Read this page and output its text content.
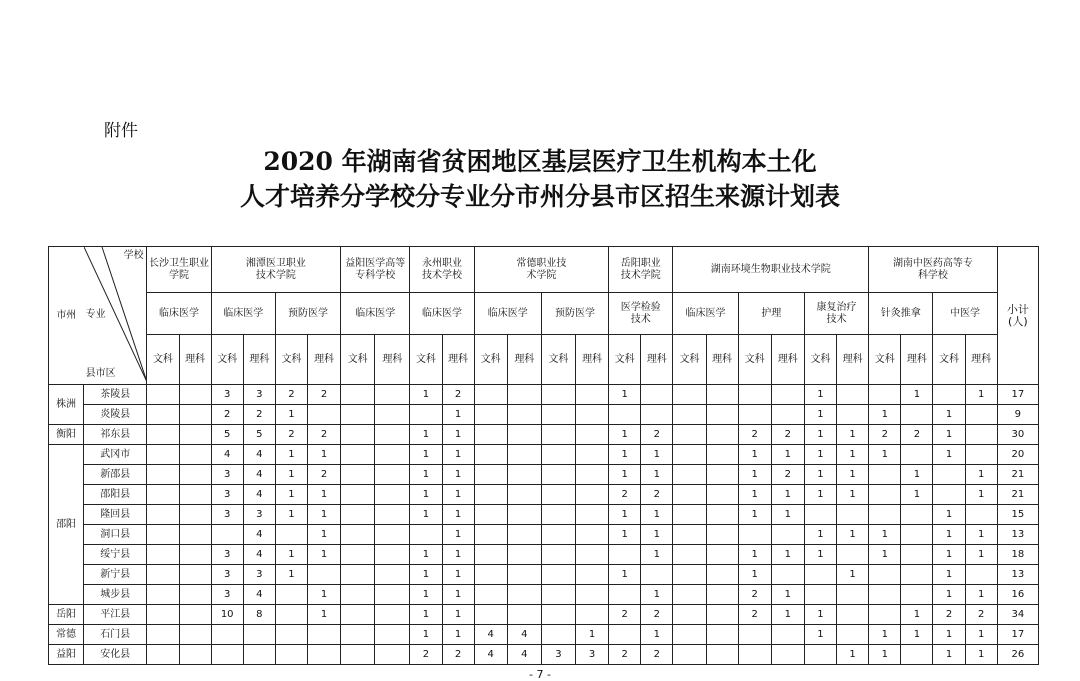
附件
2020 年湖南省贫困地区基层医疗卫生机构本土化
人才培养分学校分专业分市州分县市区招生来源计划表
市州	学校
专业
县市区	长沙卫生职业学院		湘潭医卫职业技术学院				益阳医学高等专科学校		永州职业技术学校		常德职业技术学院				岳阳职业技术学院		湖南环境生物职业技术学院						湖南中医药高等专科学校				小计(人)
		临床医学		临床医学		预防医学		临床医学		临床医学		临床医学		预防医学		医学检验技术		临床医学		护理		康复治疗技术		针灸推拿		中医学		
		文科	理科	文科	理科	文科	理科	文科	理科	文科	理科	文科	理科	文科	理科	文科	理科	文科	理科	文科	理科	文科	理科	文科	理科	文科	理科	
株洲	茶陵县			3	3	2	2			1	2					1						1			1		1	17
	炎陵县			2	2	1					1											1		1		1		9
衡阳	祁东县			5	5	2	2			1	1					1	2			2	2	1	1	2	2	1		30
邵阳	武冈市			4	4	1	1			1	1					1	1			1	1	1	1	1		1		20
	新邵县			3	4	1	2			1	1					1	1			1	2	1	1		1		1	21
	邵阳县			3	4	1	1			1	1					2	2			1	1	1	1		1		1	21
	隆回县			3	3	1	1			1	1					1	1			1	1					1		15
	洞口县				4		1				1					1	1					1	1	1		1	1	13
	绥宁县			3	4	1	1			1	1						1			1	1	1		1		1	1	18
	新宁县			3	3	1				1	1					1				1			1			1		13
	城步县			3	4		1			1	1						1			2	1					1	1	16
岳阳	平江县			10	8		1			1	1					2	2			2	1	1			1	2	2	34
常德	石门县									1	1	4	4		1		1					1		1	1	1	1	17
益阳	安化县									2	2	4	4	3	3	2	2						1	1		1	1	26
- 7 -
